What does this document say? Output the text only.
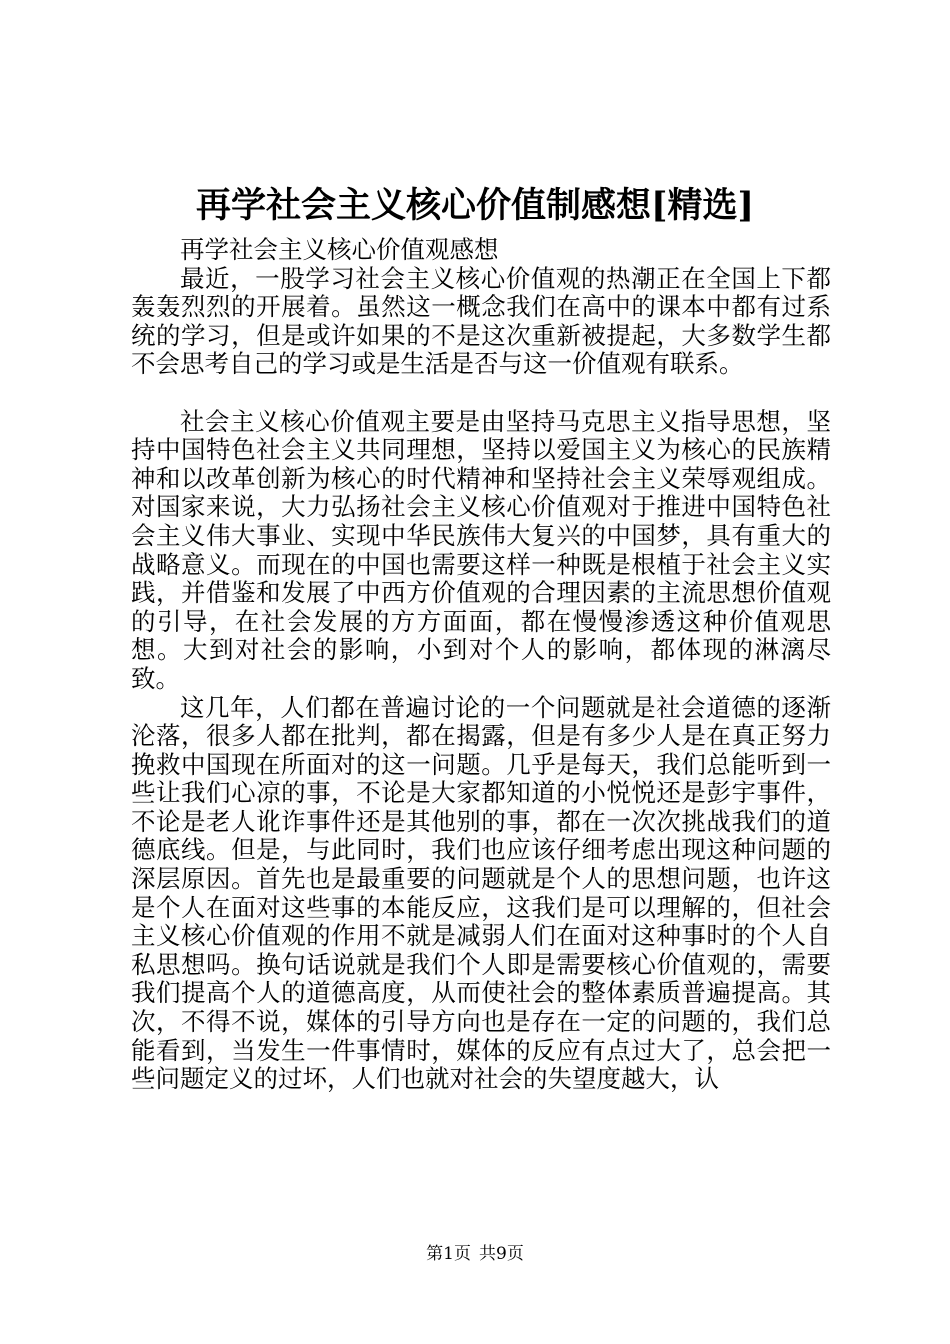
再学社会主义核心价值制感想[精选]

再学社会主义核心价值观感想

最近，一股学习社会主义核心价值观的热潮正在全国上下都轰轰烈烈的开展着。虽然这一概念我们在高中的课本中都有过系统的学习，但是或许如果的不是这次重新被提起，大多数学生都不会思考自己的学习或是生活是否与这一价值观有联系。

社会主义核心价值观主要是由坚持马克思主义指导思想，坚持中国特色社会主义共同理想，坚持以爱国主义为核心的民族精神和以改革创新为核心的时代精神和坚持社会主义荣辱观组成。对国家来说，大力弘扬社会主义核心价值观对于推进中国特色社会主义伟大事业、实现中华民族伟大复兴的中国梦，具有重大的战略意义。而现在的中国也需要这样一种既是根植于社会主义实践，并借鉴和发展了中西方价值观的合理因素的主流思想价值观的引导，在社会发展的方方面面，都在慢慢渗透这种价值观思想。大到对社会的影响，小到对个人的影响，都体现的淋漓尽致。

这几年，人们都在普遍讨论的一个问题就是社会道德的逐渐沦落，很多人都在批判，都在揭露，但是有多少人是在真正努力挽救中国现在所面对的这一问题。几乎是每天，我们总能听到一些让我们心凉的事，不论是大家都知道的小悦悦还是彭宇事件，不论是老人讹诈事件还是其他别的事，都在一次次挑战我们的道德底线。但是，与此同时，我们也应该仔细考虑出现这种问题的深层原因。首先也是最重要的问题就是个人的思想问题，也许这是个人在面对这些事的本能反应，这我们是可以理解的，但社会主义核心价值观的作用不就是减弱人们在面对这种事时的个人自私思想吗。换句话说就是我们个人即是需要核心价值观的，需要我们提高个人的道德高度，从而使社会的整体素质普遍提高。其次，不得不说，媒体的引导方向也是存在一定的问题的，我们总能看到，当发生一件事情时，媒体的反应有点过大了，总会把一些问题定义的过坏，人们也就对社会的失望度越大，认

第1页 共9页
